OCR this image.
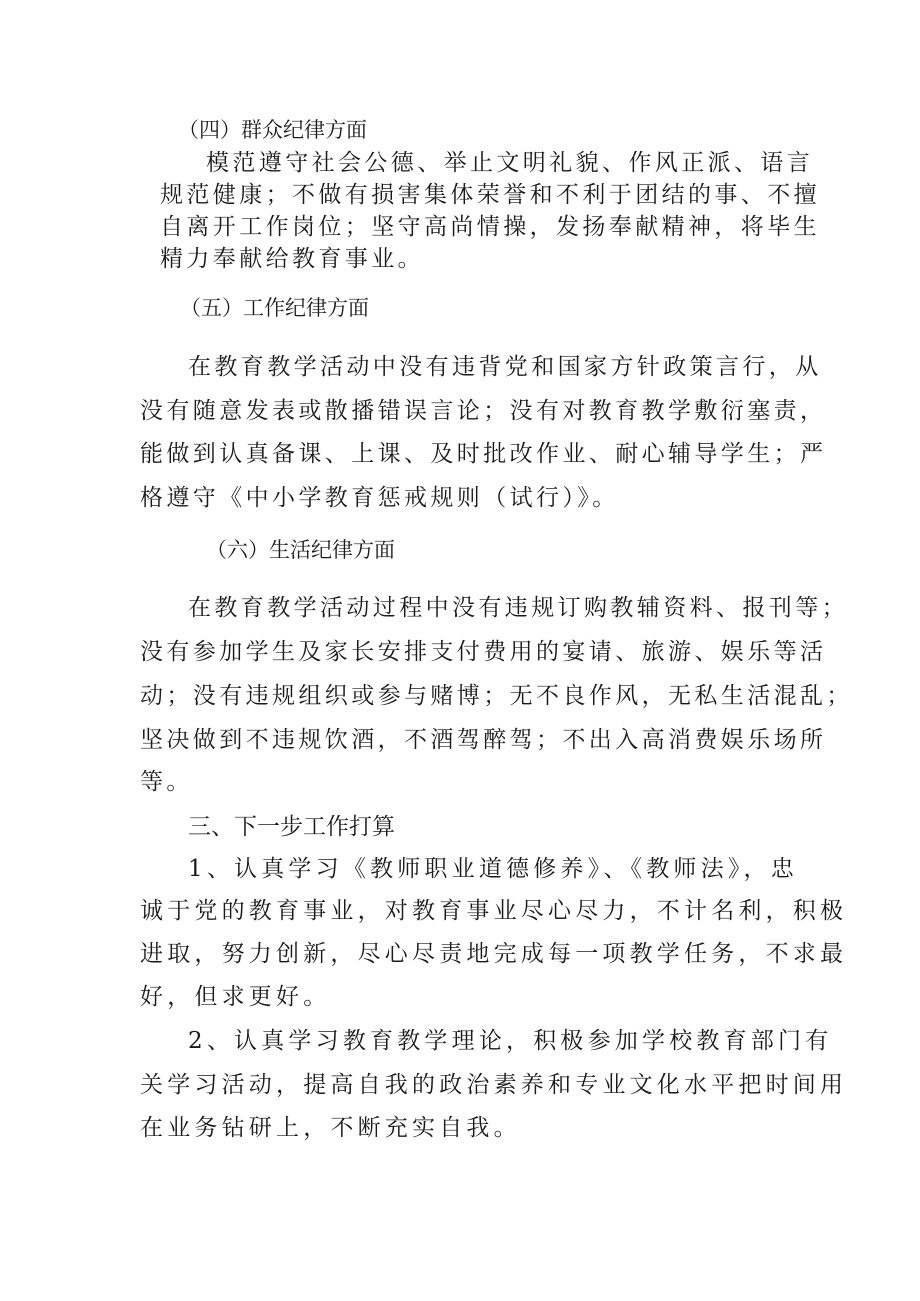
（四）群众纪律方面

模范遵守社会公德、举止文明礼貌、作风正派、语言

规范健康；不做有损害集体荣誉和不利于团结的事、不擅

自离开工作岗位；坚守高尚情操，发扬奉献精神，将毕生

精力奉献给教育事业。

（五）工作纪律方面

在教育教学活动中没有违背党和国家方针政策言行，从

没有随意发表或散播错误言论；没有对教育教学敷衍塞责，

能做到认真备课、上课、及时批改作业、耐心辅导学生；严

格遵守《中小学教育惩戒规则（试行）》。

（六）生活纪律方面

在教育教学活动过程中没有违规订购教辅资料、报刊等；

没有参加学生及家长安排支付费用的宴请、旅游、娱乐等活

动；没有违规组织或参与赌博；无不良作风，无私生活混乱；

坚决做到不违规饮酒，不酒驾醉驾；不出入高消费娱乐场所

等。

三、下一步工作打算

1、认真学习《教师职业道德修养》、《教师法》，忠

诚于党的教育事业，对教育事业尽心尽力，不计名利，积极

进取，努力创新，尽心尽责地完成每一项教学任务，不求最

好，但求更好。

2、认真学习教育教学理论，积极参加学校教育部门有

关学习活动，提高自我的政治素养和专业文化水平把时间用

在业务钻研上，不断充实自我。
